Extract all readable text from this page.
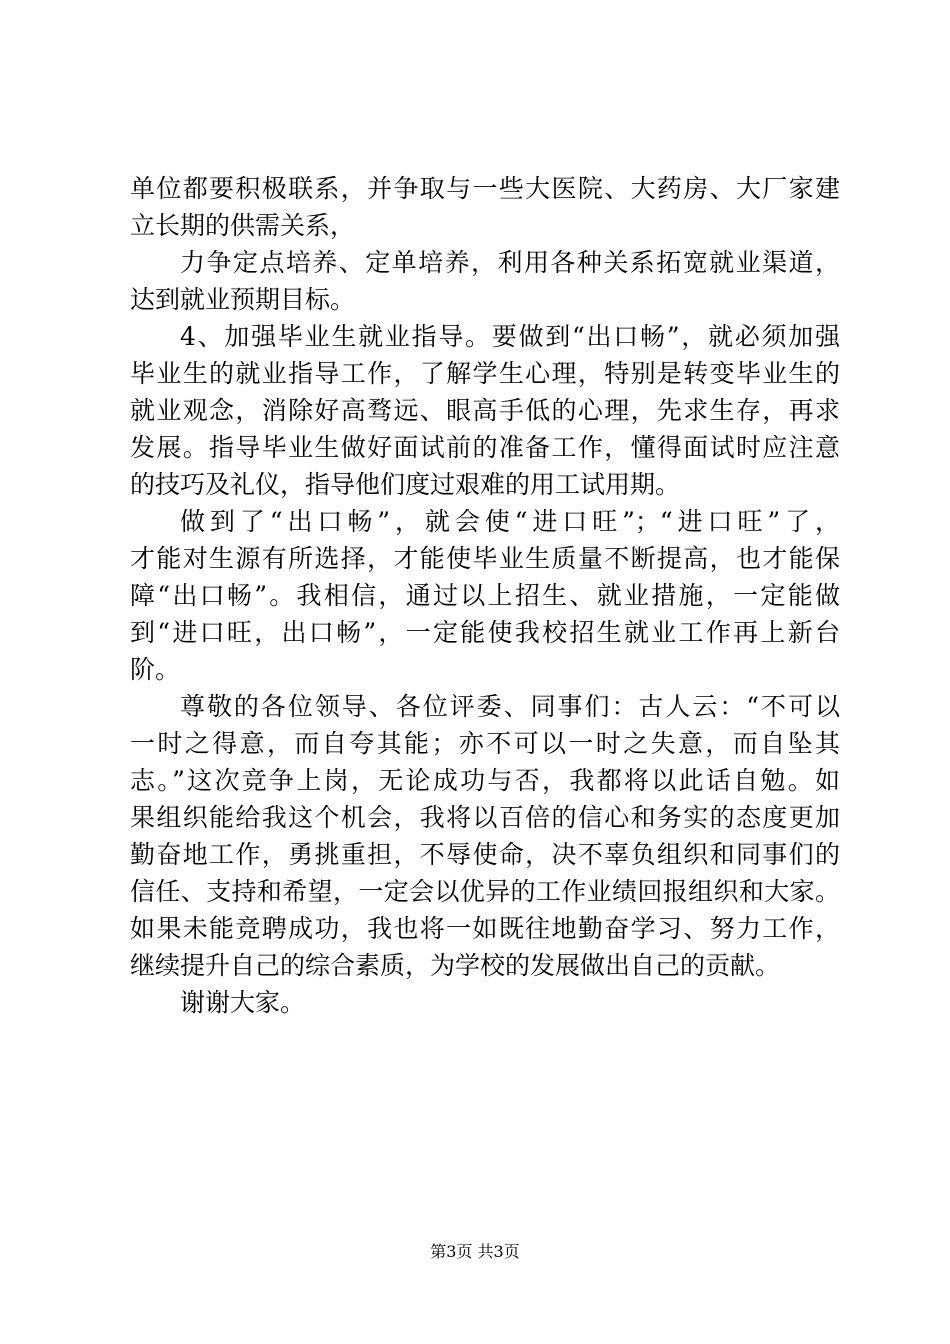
单位都要积极联系，并争取与一些大医院、大药房、大厂家建
立长期的供需关系，
力争定点培养、定单培养，利用各种关系拓宽就业渠道，
达到就业预期目标。
4、加强毕业生就业指导。要做到“出口畅”，就必须加强
毕业生的就业指导工作，了解学生心理，特别是转变毕业生的
就业观念，消除好高骛远、眼高手低的心理，先求生存，再求
发展。指导毕业生做好面试前的准备工作，懂得面试时应注意
的技巧及礼仪，指导他们度过艰难的用工试用期。
做到了“出口畅”，就会使“进口旺”；“进口旺”了，
才能对生源有所选择，才能使毕业生质量不断提高，也才能保
障“出口畅”。我相信，通过以上招生、就业措施，一定能做
到“进口旺，出口畅”，一定能使我校招生就业工作再上新台
阶。
尊敬的各位领导、各位评委、同事们：古人云：“不可以
一时之得意，而自夸其能；亦不可以一时之失意，而自坠其
志。”这次竞争上岗，无论成功与否，我都将以此话自勉。如
果组织能给我这个机会，我将以百倍的信心和务实的态度更加
勤奋地工作，勇挑重担，不辱使命，决不辜负组织和同事们的
信任、支持和希望，一定会以优异的工作业绩回报组织和大家。
如果未能竞聘成功，我也将一如既往地勤奋学习、努力工作，
继续提升自己的综合素质，为学校的发展做出自己的贡献。
谢谢大家。
第3页 共3页
